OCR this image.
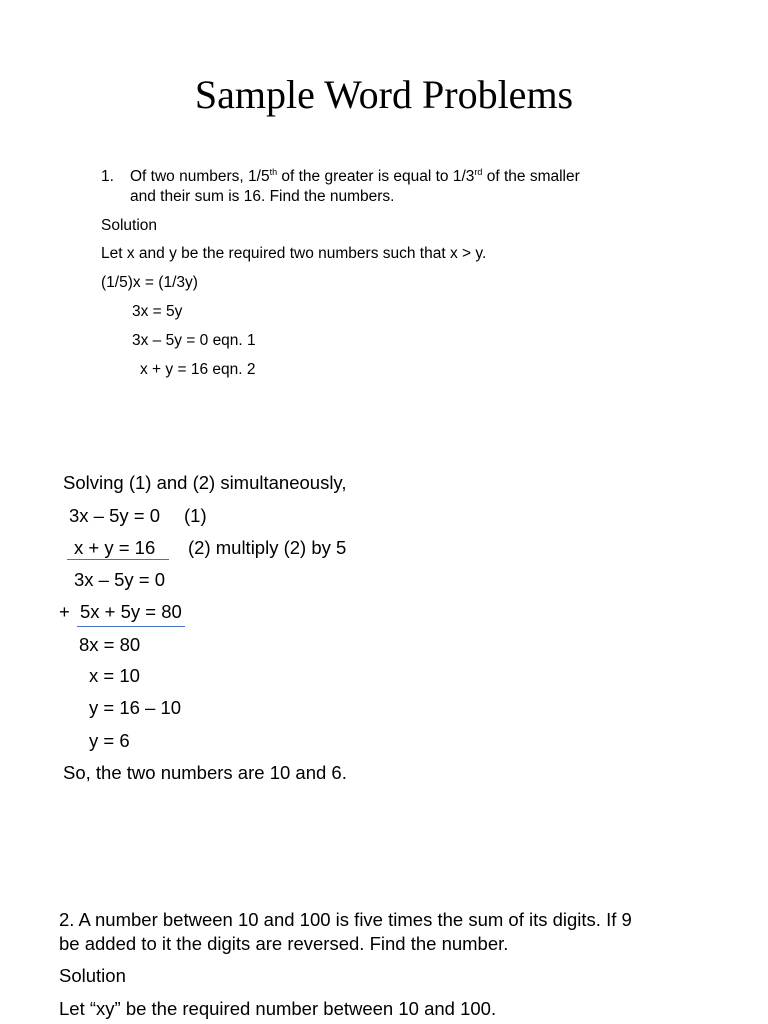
Sample Word Problems
1. Of two numbers, 1/5th of the greater is equal to 1/3rd of the smaller
and their sum is 16. Find the numbers.
Solution
Let x and y be the required two numbers such that x > y.
(1/5)x = (1/3y)
3x = 5y
3x – 5y = 0 eqn. 1
x + y = 16 eqn. 2
Solving (1) and (2) simultaneously,
3x – 5y = 0 (1)
x + y = 16 (2) multiply (2) by 5
3x – 5y = 0
+ 5x + 5y = 80
8x = 80
x = 10
y = 16 – 10
y = 6
So, the two numbers are 10 and 6.
2. A number between 10 and 100 is five times the sum of its digits. If 9
be added to it the digits are reversed. Find the number.
Solution
Let “xy” be the required number between 10 and 100.
